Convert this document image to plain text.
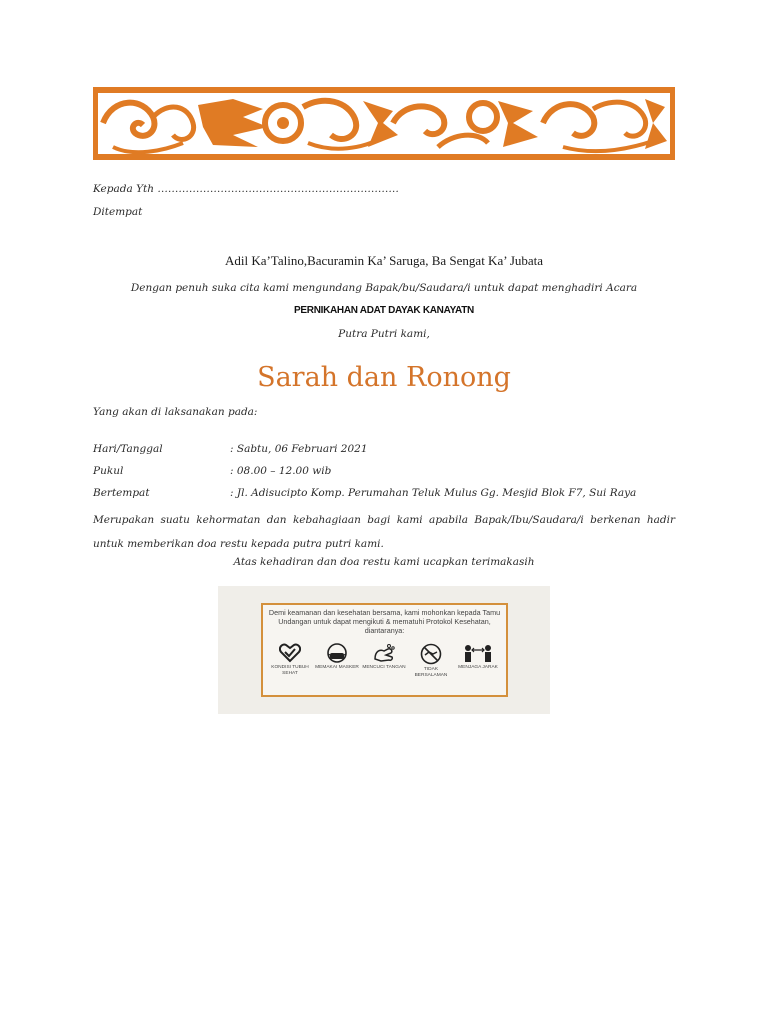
Kepada Yth ……………………………………………………………
Ditempat
Adil Ka’Talino,Bacuramin Ka’ Saruga, Ba Sengat Ka’ Jubata
Dengan penuh suka cita kami mengundang Bapak/bu/Saudara/i untuk dapat menghadiri Acara
PERNIKAHAN ADAT DAYAK KANAYATN
Putra Putri kami,
Sarah dan Ronong
Yang akan di laksanakan pada:
Hari/Tanggal	: Sabtu, 06 Februari 2021
Pukul	: 08.00 – 12.00 wib
Bertempat	: Jl. Adisucipto Komp. Perumahan Teluk Mulus Gg. Mesjid Blok F7, Sui Raya
Merupakan suatu kehormatan dan kebahagiaan bagi kami apabila Bapak/Ibu/Saudara/i berkenan hadir untuk memberikan doa restu kepada putra putri kami.
Atas kehadiran dan doa restu kami ucapkan terimakasih
Demi keamanan dan kesehatan bersama, kami mohonkan kepada Tamu Undangan untuk dapat mengikuti & mematuhi Protokol Kesehatan, diantaranya:
KONDISI TUBUH SEHAT
MEMAKAI MASKER MENCUCI TANGAN	TIDAK BERSALAMAN
MENJAGA JARAK
